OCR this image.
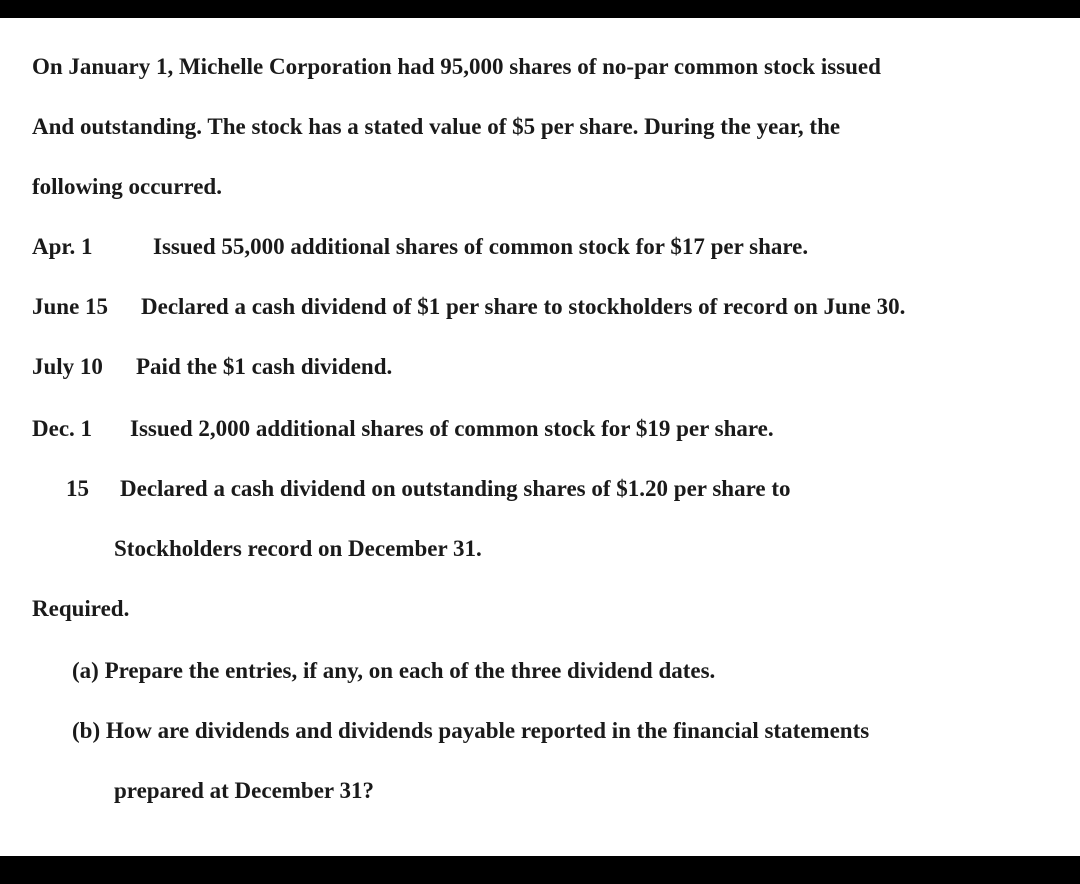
On January 1, Michelle Corporation had 95,000 shares of no-par common stock issued

And outstanding. The stock has a stated value of $5 per share. During the year, the

following occurred.

Apr. 1	Issued 55,000 additional shares of common stock for $17 per share.

June 15 Declared a cash dividend of $1 per share to stockholders of record on June 30.

July 10 Paid the $1 cash dividend.

Dec. 1 Issued 2,000 additional shares of common stock for $19 per share.

15 Declared a cash dividend on outstanding shares of $1.20 per share to

Stockholders record on December 31.

Required.

(a) Prepare the entries, if any, on each of the three dividend dates.

(b) How are dividends and dividends payable reported in the financial statements

prepared at December 31?
